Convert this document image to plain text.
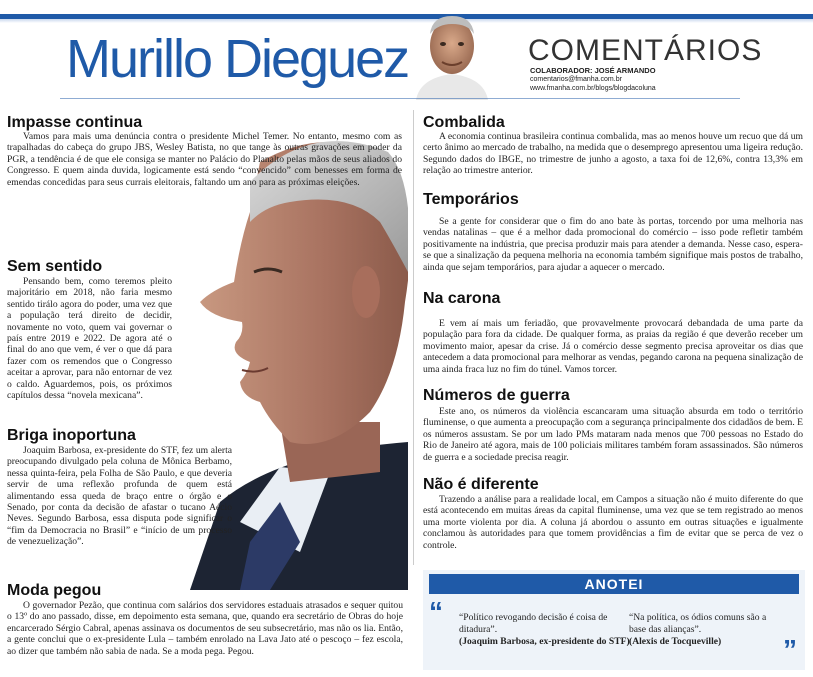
Murillo Dieguez	COMENTÁRIOS
COLABORADOR: JOSÉ ARMANDO
comentarios@fmanha.com.br
www.fmanha.com.br/blogs/blogdacoluna
Impasse continua

Vamos para mais uma denúncia contra o presidente Michel Temer. No entanto, mesmo com as trapalhadas do cabeça do grupo JBS, Wesley Batista, no que tange às outras gravações em poder da PGR, a tendência é de que ele consiga se manter no Palácio do Planalto pelas mãos de seus aliados do Congresso. E quem ainda duvida, logicamente está sendo “convencido” com benesses em forma de emendas concedidas para seus currais eleitorais, faltando um ano para as próximas eleições.

Sem sentido

Pensando bem, como teremos pleito majoritário em 2018, não faria mesmo sentido tirálo agora do poder, uma vez que a população terá direito de decidir, novamente no voto, quem vai governar o país entre 2019 e 2022. De agora até o final do ano que vem, é ver o que dá para fazer com os remendos que o Congresso aceitar a aprovar, para não entornar de vez o caldo. Aguardemos, pois, os próximos capítulos dessa “novela mexicana”.

Briga inoportuna

Joaquim Barbosa, ex-presidente do STF, fez um alerta preocupando divulgado pela coluna de Mônica Berbamo, nessa quinta-feira, pela Folha de São Paulo, e que deveria servir de uma reflexão profunda de quem está alimentando essa queda de braço entre o órgão e o Senado, por conta da decisão de afastar o tucano Aécio Neves. Segundo Barbosa, essa disputa pode significar o “fim da Democracia no Brasil” e “início de um processo de venezuelização”.

Moda pegou

O governador Pezão, que continua com salários dos servidores estaduais atrasados e sequer quitou o 13º do ano passado, disse, em depoimento esta semana, que, quando era secretário de Obras do hoje encarcerado Sérgio Cabral, apenas assinava os documentos de seu subsecretário, mas não os lia. Então, a gente conclui que o ex-presidente Lula – também enrolado na Lava Jato até o pescoço – fez escola, ao dizer que também não sabia de nada. Se a moda pega. Pegou.

Combalida

A economia continua brasileira continua combalida, mas ao menos houve um recuo que dá um certo ânimo ao mercado de trabalho, na medida que o desemprego apresentou uma ligeira redução. Segundo dados do IBGE, no trimestre de junho a agosto, a taxa foi de 12,6%, contra 13,3% em relação ao trimestre anterior.

Temporários

Se a gente for considerar que o fim do ano bate às portas, torcendo por uma melhoria nas vendas natalinas – que é a melhor dada promocional do comércio – isso pode refletir também positivamente na indústria, que precisa produzir mais para atender a demanda. Nesse caso, espera-se que a sinalização da pequena melhoria na economia também signifique mais postos de trabalho, ainda que sejam temporários, para ajudar a aquecer o mercado.

Na carona

E vem aí mais um feriadão, que provavelmente provocará debandada de uma parte da população para fora da cidade. De qualquer forma, as praias da região é que deverão receber um movimento maior, apesar da crise. Já o comércio desse segmento precisa aproveitar os dias que antecedem a data promocional para melhorar as vendas, pegando carona na pequena sinalização de uma ainda fraca luz no fim do túnel. Vamos torcer.

Números de guerra

Este ano, os números da violência escancaram uma situação absurda em todo o território fluminense, o que aumenta a preocupação com a segurança principalmente dos cidadãos de bem. E os números assustam. Se por um lado PMs mataram nada menos que 700 pessoas no Estado do Rio de Janeiro até agora, mais de 100 policiais militares também foram assassinados. São números de guerra e a sociedade precisa reagir.

Não é diferente

Trazendo a análise para a realidade local, em Campos a situação não é muito diferente do que está acontecendo em muitas áreas da capital fluminense, uma vez que se tem registrado ao menos uma morte violenta por dia. A coluna já abordou o assunto em outras situações e igualmente conclamou às autoridades para que tomem providências a fim de evitar que se perca de vez o controle.

ANOTEI
“ “Político revogando decisão é coisa de ditadura”.
(Joaquim Barbosa, ex-presidente do STF)
“Na política, os ódios comuns são a base das alianças”.
(Alexis de Tocqueville) ”
